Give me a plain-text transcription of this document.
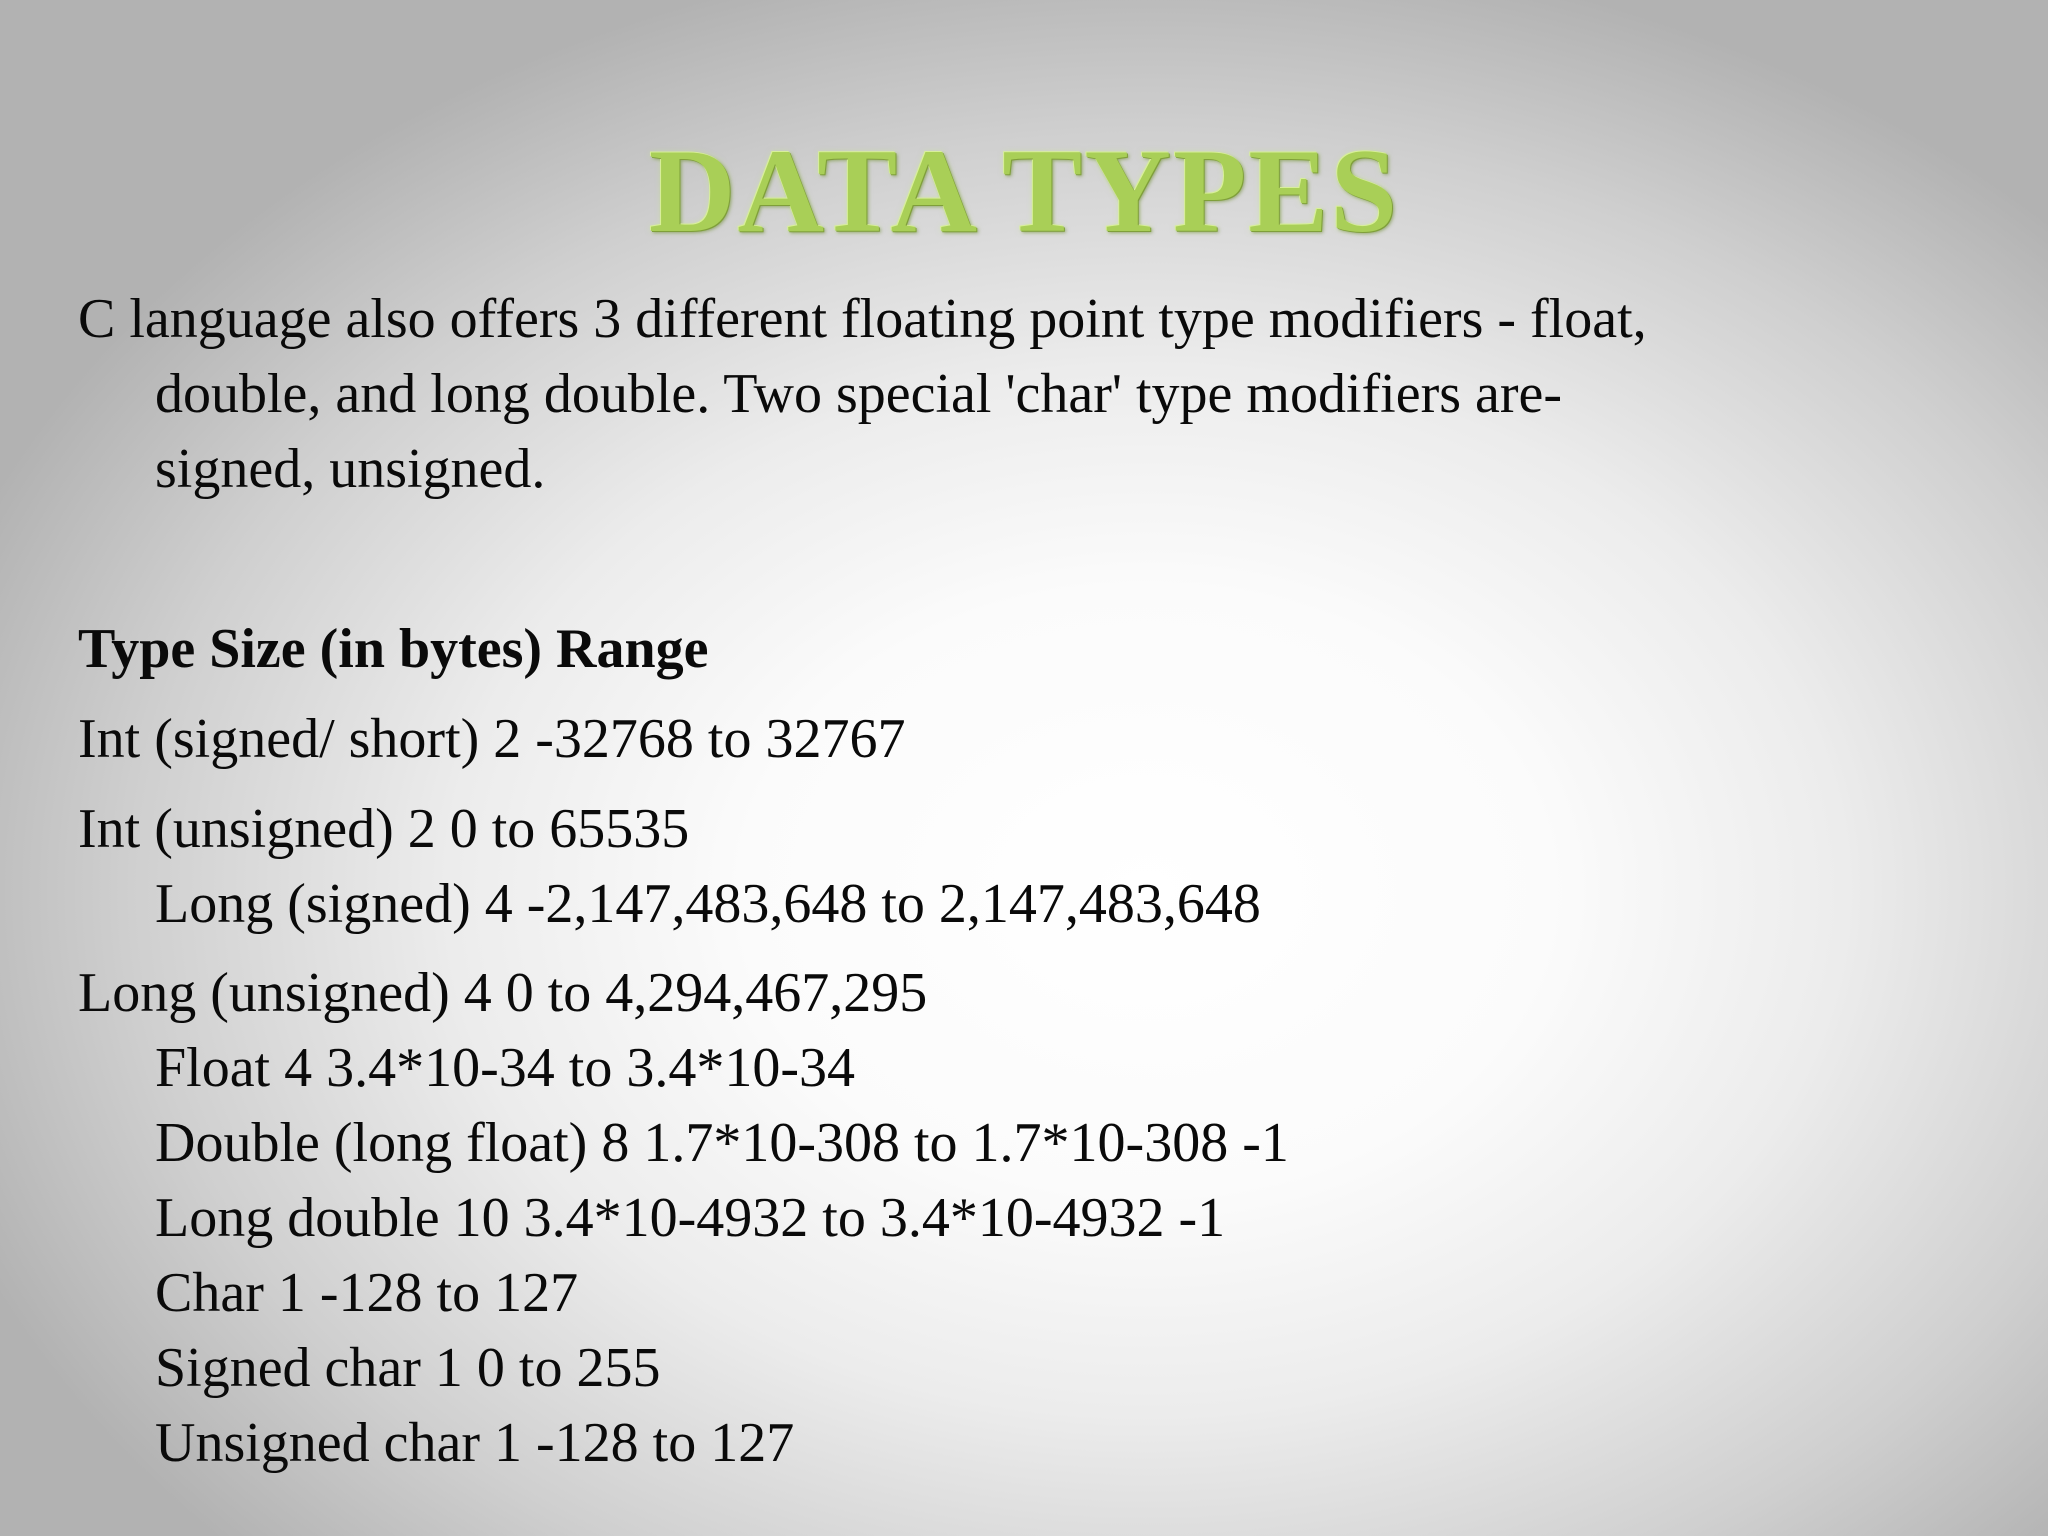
DATA TYPES

C language also offers 3 different floating point type modifiers - float,
double, and long double. Two special 'char' type modifiers are-
signed, unsigned.

Type Size (in bytes) Range

Int (signed/ short) 2 -32768 to 32767

Int (unsigned) 2 0 to 65535

Long (signed) 4 -2,147,483,648 to 2,147,483,648

Long (unsigned) 4 0 to 4,294,467,295

Float 4 3.4*10-34 to 3.4*10-34

Double (long float) 8 1.7*10-308 to 1.7*10-308 -1

Long double 10 3.4*10-4932 to 3.4*10-4932 -1

Char 1 -128 to 127

Signed char 1 0 to 255

Unsigned char 1 -128 to 127
